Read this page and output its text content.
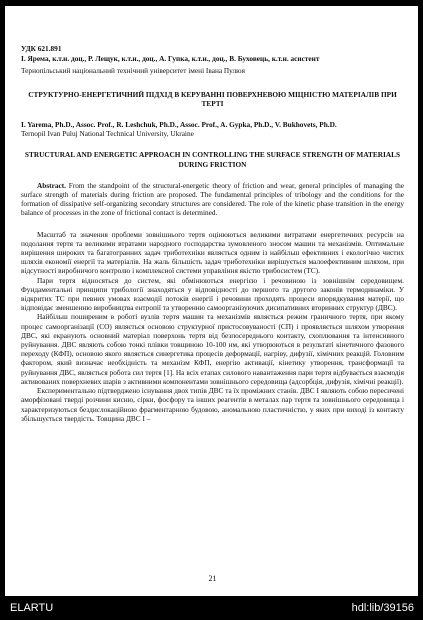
УДК 621.891

І. Ярема, к.т.н. доц., Р. Лещук, к.т.н., доц., А. Гупка, к.т.н., доц., В. Буховець, к.т.н. асистент

Тернопільський національний технічний університет імені Івана Пулюя

СТРУКТУРНО-ЕНЕРГЕТИЧНИЙ ПІДХІД В КЕРУВАННІ ПОВЕРХНЕВОЮ МІЦНІСТЮ МАТЕРІАЛІВ ПРИ ТЕРТІ

I. Yarema, Ph.D., Assoc. Prof., R. Leshchuk, Ph.D., Assoc. Prof., A. Gypka, Ph.D., V. Bukhovets, Ph.D.

Ternopil Ivan Puluj National Technical University, Ukraine

STRUCTURAL AND ENERGETIC APPROACH IN CONTROLLING THE SURFACE STRENGTH OF MATERIALS DURING FRICTION

Abstract. From the standpoint of the structural-energetic theory of friction and wear, general principles of managing the surface strength of materials during friction are proposed. The fundamental principles of tribology and the conditions for the formation of dissipative self-organizing secondary structures are considered. The role of the kinetic phase transition in the energy balance of processes in the zone of frictional contact is determined.

Масштаб та значення проблеми зовнішнього тертя оцінюються великими витратами енергетичних ресурсів на подолання тертя та великими втратами народного господарства зумовленого зносом машин та механізмів. Оптимальне вирішення широких та багатогранних задач триботехніки являється одним із найбільш ефективних і екологічно чистих шляхів економії енергії та матеріалів. На жаль більшість задач триботехніки вирішується малоефективним шляхом, при відсутності виробничого контролю і комплексної системи управління якістю трибосистем (ТС).

Пари тертя відносяться до систем, які обмінюються енергією і речовиною із зовнішнім середовищем. Фундаментальні принципи трибології знаходяться у відповідності до першого та другого законів термодинаміки. У відкритих ТС при певних умовах взаємодії потоків енергії і речовини проходять процеси впорядкування матерії, що відповідає зменшенню виробництва ентропії та утворенню самоорганізуючих дисипативних вторинних структур (ДВС).

Найбільш поширеним в роботі вузлів тертя машин та механізмів являється режим граничного тертя, при якому процес самоорганізації (СО) являється основою структурної пристосовуваності (СП) і проявляється шляхом утворення ДВС, які екранують основний матеріал поверхонь тертя від безпосереднього контакту, схоплювання та інтенсивного руйнування. ДВС являють собою тонкі плівки товщиною 10-100 нм, які утворюються в результаті кінетичного фазового переходу (КФП), основою якого являється синергетика процесів деформації, нагріву, дифузії, хімічних реакцій. Головним фактором, який визначає необхідність та механізм КФП, енергію активації, кінетику утворення, трансформації та руйнування ДВС, являється робота сил тертя [1]. На всіх етапах силового навантаження пари тертя відбувається взаємодія активованих поверхневих шарів з активними компонентами зовнішнього середовища (адсорбція, дифузія, хімічні реакції).

Експериментально підтверджено існування двох типів ДВС та їх проміжних станів. ДВС І являють собою пересичені аморфізовані тверді розчини кисню, сірки, фосфору та інших реагентів в металах пар тертя та зовнішнього середовища і характеризуються бездислокаційною фрагментарною будовою, аномальною пластичністю, у яких при виході із контакту збільшується твердість. Товщина ДВС І –

21
ELARTU	hdl:lib/39156
